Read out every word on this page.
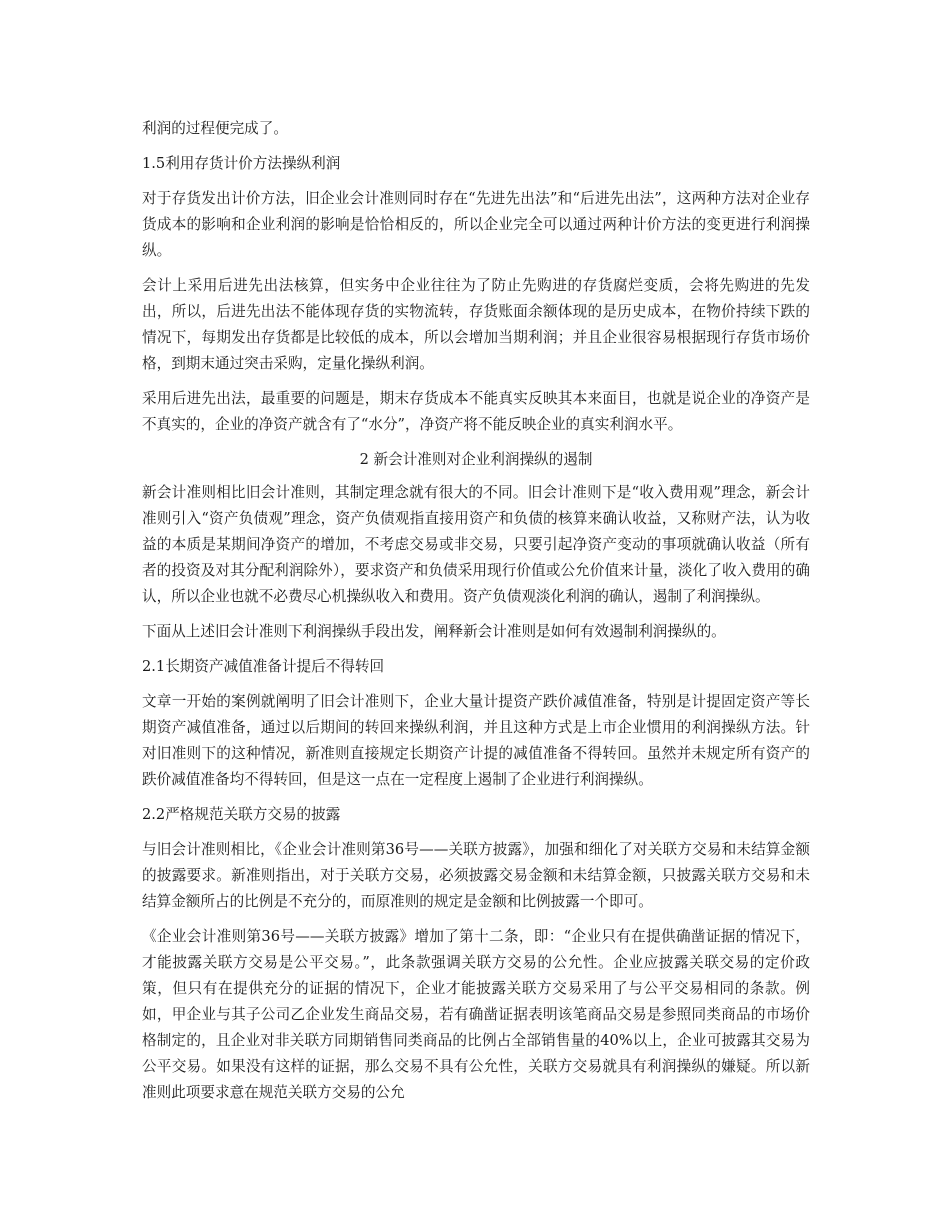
利润的过程便完成了。

1.5利用存货计价方法操纵利润

对于存货发出计价方法，旧企业会计准则同时存在“先进先出法”和“后进先出法”，这两种方法对企业存货成本的影响和企业利润的影响是恰恰相反的，所以企业完全可以通过两种计价方法的变更进行利润操纵。

会计上采用后进先出法核算，但实务中企业往往为了防止先购进的存货腐烂变质，会将先购进的先发出，所以，后进先出法不能体现存货的实物流转，存货账面余额体现的是历史成本，在物价持续下跌的情况下，每期发出存货都是比较低的成本，所以会增加当期利润；并且企业很容易根据现行存货市场价格，到期末通过突击采购，定量化操纵利润。

采用后进先出法，最重要的问题是，期末存货成本不能真实反映其本来面目，也就是说企业的净资产是不真实的，企业的净资产就含有了“水分”，净资产将不能反映企业的真实利润水平。

2 新会计准则对企业利润操纵的遏制

新会计准则相比旧会计准则，其制定理念就有很大的不同。旧会计准则下是“收入费用观”理念，新会计准则引入“资产负债观”理念，资产负债观指直接用资产和负债的核算来确认收益，又称财产法，认为收益的本质是某期间净资产的增加，不考虑交易或非交易，只要引起净资产变动的事项就确认收益（所有者的投资及对其分配利润除外），要求资产和负债采用现行价值或公允价值来计量，淡化了收入费用的确认，所以企业也就不必费尽心机操纵收入和费用。资产负债观淡化利润的确认，遏制了利润操纵。

下面从上述旧会计准则下利润操纵手段出发，阐释新会计准则是如何有效遏制利润操纵的。

2.1长期资产减值准备计提后不得转回

文章一开始的案例就阐明了旧会计准则下，企业大量计提资产跌价减值准备，特别是计提固定资产等长期资产减值准备，通过以后期间的转回来操纵利润，并且这种方式是上市企业惯用的利润操纵方法。针对旧准则下的这种情况，新准则直接规定长期资产计提的减值准备不得转回。虽然并未规定所有资产的跌价减值准备均不得转回，但是这一点在一定程度上遏制了企业进行利润操纵。

2.2严格规范关联方交易的披露

与旧会计准则相比，《企业会计准则第36号——关联方披露》，加强和细化了对关联方交易和未结算金额的披露要求。新准则指出，对于关联方交易，必须披露交易金额和未结算金额，只披露关联方交易和未结算金额所占的比例是不充分的，而原准则的规定是金额和比例披露一个即可。

《企业会计准则第36号——关联方披露》增加了第十二条，即：“企业只有在提供确凿证据的情况下，才能披露关联方交易是公平交易。”，此条款强调关联方交易的公允性。企业应披露关联交易的定价政策，但只有在提供充分的证据的情况下，企业才能披露关联方交易采用了与公平交易相同的条款。例如，甲企业与其子公司乙企业发生商品交易，若有确凿证据表明该笔商品交易是参照同类商品的市场价格制定的，且企业对非关联方同期销售同类商品的比例占全部销售量的40%以上，企业可披露其交易为公平交易。如果没有这样的证据，那么交易不具有公允性，关联方交易就具有利润操纵的嫌疑。所以新准则此项要求意在规范关联方交易的公允
